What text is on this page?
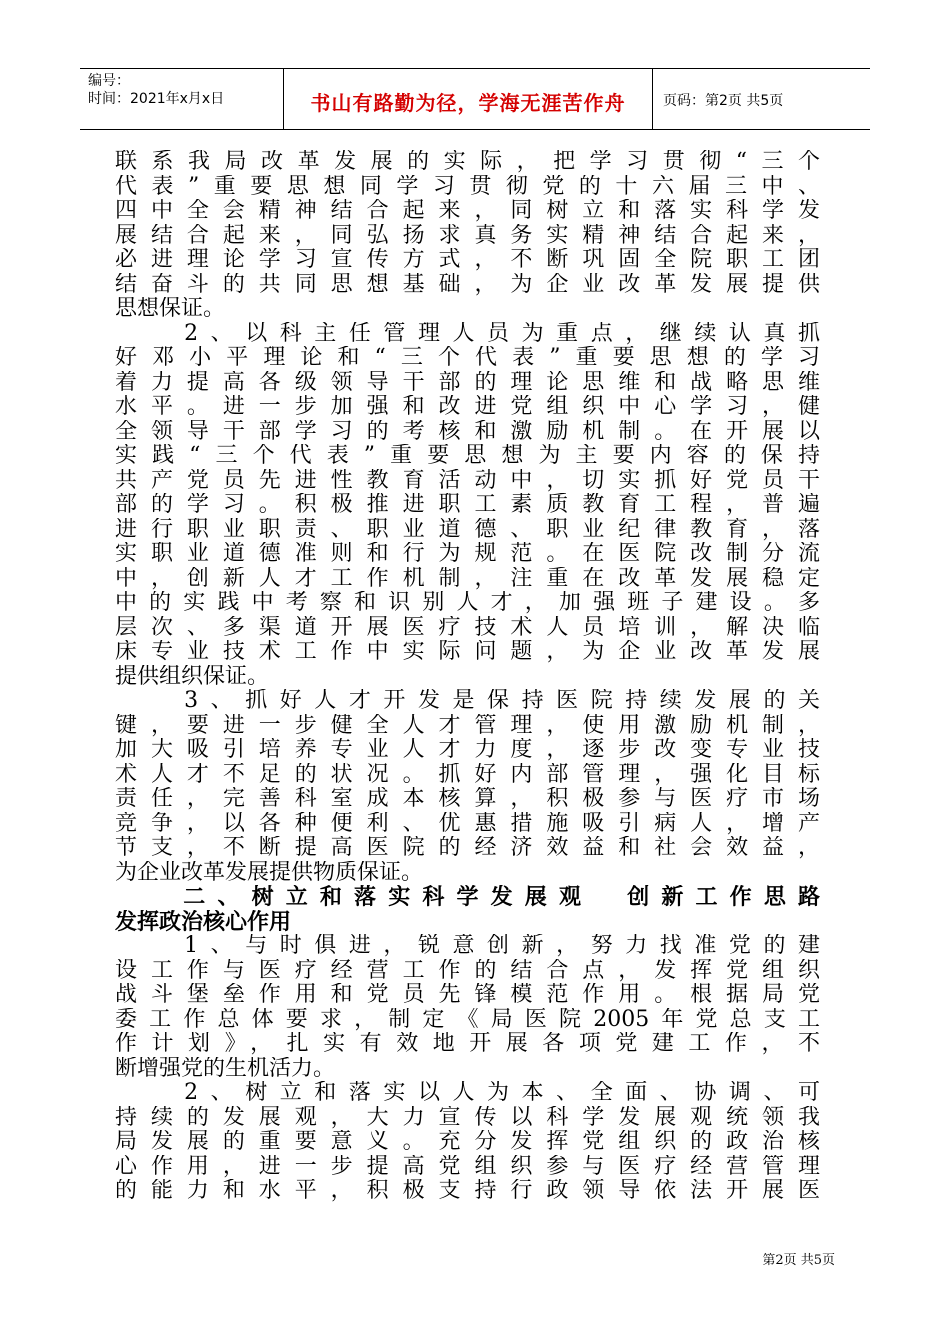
编号：
时间：2021年x月x日	书山有路勤为径，学海无涯苦作舟	页码：第2页 共5页
联系我局改革发展的实际，把学习贯彻“三个
代表”重要思想同学习贯彻党的十六届三中、
四中全会精神结合起来，同树立和落实科学发
展结合起来，同弘扬求真务实精神结合起来，
必进理论学习宣传方式，不断巩固全院职工团
结奋斗的共同思想基础，为企业改革发展提供
思想保证。
　　2、以科主任管理人员为重点，继续认真抓
好邓小平理论和“三个代表”重要思想的学习
着力提高各级领导干部的理论思维和战略思维
水平。进一步加强和改进党组织中心学习，健
全领导干部学习的考核和激励机制。在开展以
实践“三个代表”重要思想为主要内容的保持
共产党员先进性教育活动中，切实抓好党员干
部的学习。积极推进职工素质教育工程，普遍
进行职业职责、职业道德、职业纪律教育，落
实职业道德准则和行为规范。在医院改制分流
中，创新人才工作机制，注重在改革发展稳定
中的实践中考察和识别人才，加强班子建设。多
层次、多渠道开展医疗技术人员培训，解决临
床专业技术工作中实际问题，为企业改革发展
提供组织保证。
　　3、抓好人才开发是保持医院持续发展的关
键，要进一步健全人才管理，使用激励机制，
加大吸引培养专业人才力度，逐步改变专业技
术人才不足的状况。抓好内部管理，强化目标
责任，完善科室成本核算，积极参与医疗市场
竞争，以各种便利、优惠措施吸引病人，增产
节支，不断提高医院的经济效益和社会效益，
为企业改革发展提供物质保证。
　　二、树立和落实科学发展观　创新工作思路
发挥政治核心作用
　　1、与时俱进，锐意创新，努力找准党的建
设工作与医疗经营工作的结合点，发挥党组织
战斗堡垒作用和党员先锋模范作用。根据局党
委工作总体要求，制定《局医院2005年党总支工
作计划》，扎实有效地开展各项党建工作，不
断增强党的生机活力。
　　2、树立和落实以人为本、全面、协调、可
持续的发展观，大力宣传以科学发展观统领我
局发展的重要意义。充分发挥党组织的政治核
心作用，进一步提高党组织参与医疗经营管理
的能力和水平，积极支持行政领导依法开展医
第2页 共5页
